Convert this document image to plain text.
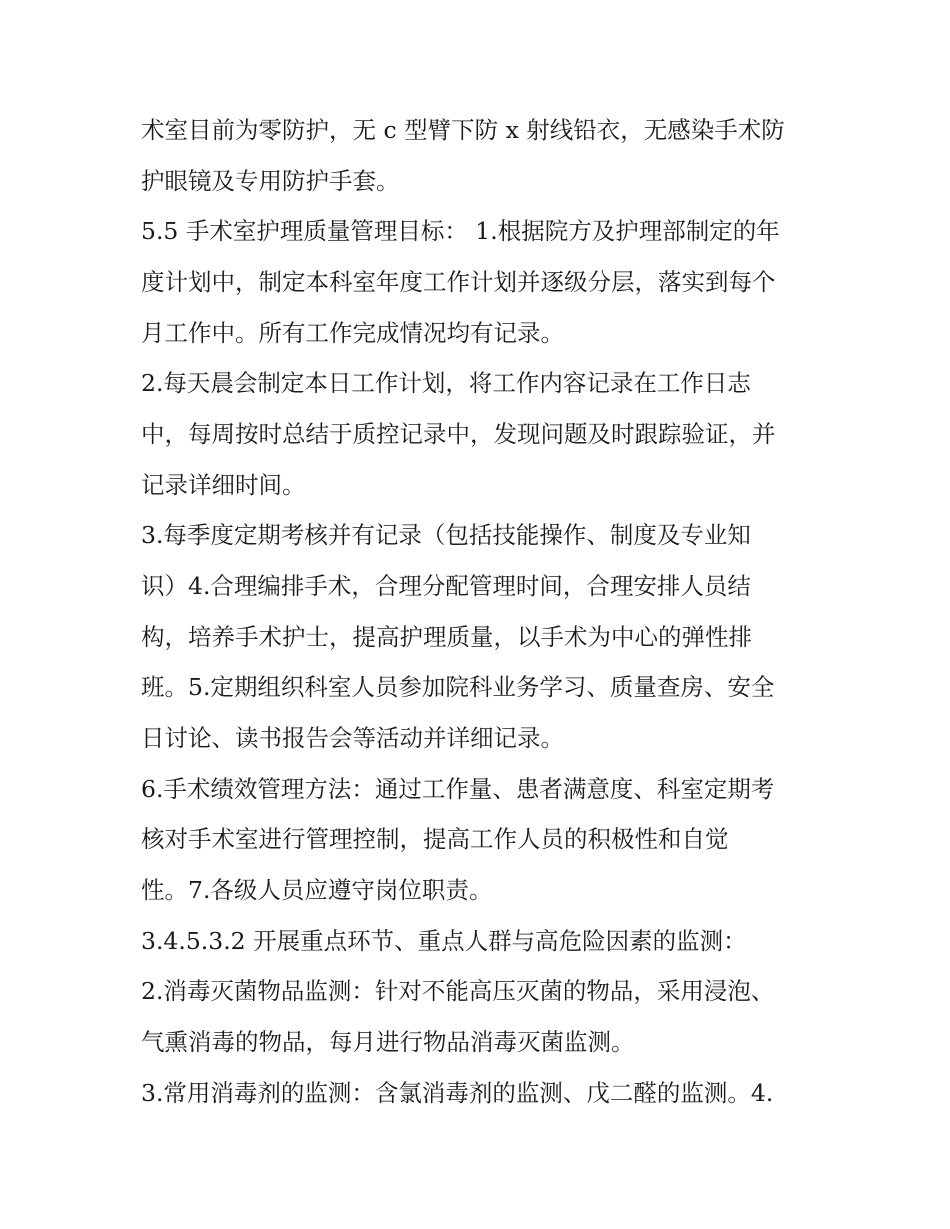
术室目前为零防护，无 c 型臂下防 x 射线铅衣，无感染手术防
护眼镜及专用防护手套。
5.5 手术室护理质量管理目标： 1.根据院方及护理部制定的年
度计划中，制定本科室年度工作计划并逐级分层，落实到每个
月工作中。所有工作完成情况均有记录。
2.每天晨会制定本日工作计划，将工作内容记录在工作日志
中，每周按时总结于质控记录中，发现问题及时跟踪验证，并
记录详细时间。
3.每季度定期考核并有记录（包括技能操作、制度及专业知
识）4.合理编排手术，合理分配管理时间，合理安排人员结
构，培养手术护士，提高护理质量，以手术为中心的弹性排
班。5.定期组织科室人员参加院科业务学习、质量查房、安全
日讨论、读书报告会等活动并详细记录。
6.手术绩效管理方法：通过工作量、患者满意度、科室定期考
核对手术室进行管理控制，提高工作人员的积极性和自觉
性。7.各级人员应遵守岗位职责。
3.4.5.3.2 开展重点环节、重点人群与高危险因素的监测：
2.消毒灭菌物品监测：针对不能高压灭菌的物品，采用浸泡、
气熏消毒的物品，每月进行物品消毒灭菌监测。
3.常用消毒剂的监测：含氯消毒剂的监测、戊二醛的监测。4.
